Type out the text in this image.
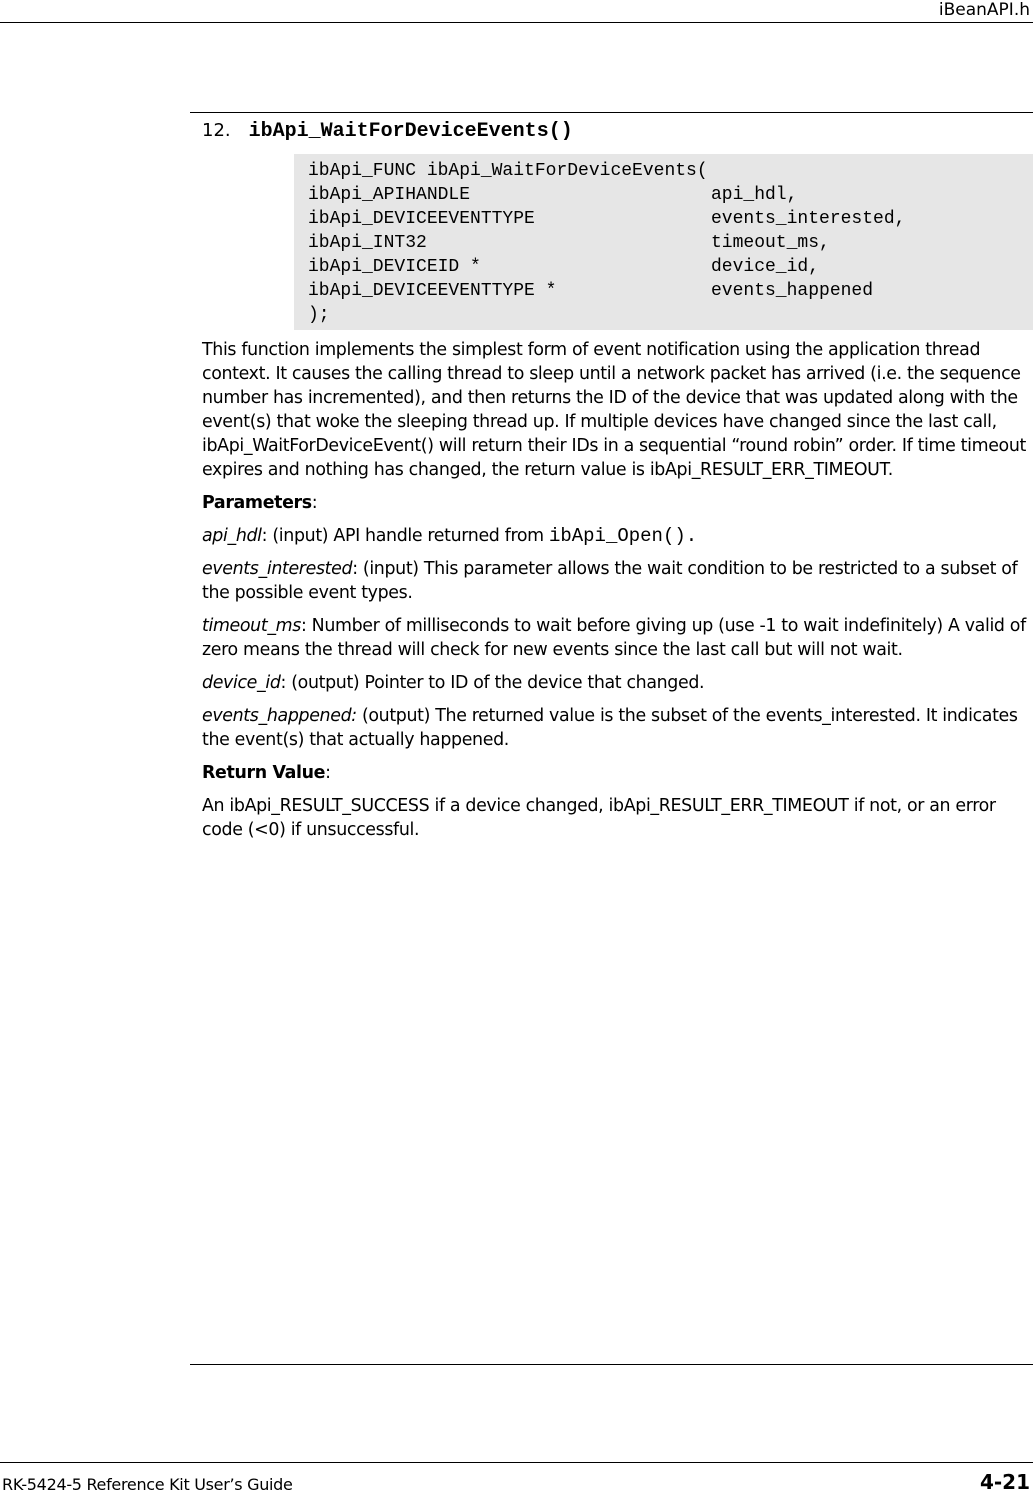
iBeanAPI.h
12. ibApi_WaitForDeviceEvents()
ibApi_FUNC ibApi_WaitForDeviceEvents(
ibApi_APIHANDLE	api_hdl,
ibApi_DEVICEEVENTTYPE	events_interested,
ibApi_INT32	timeout_ms,
ibApi_DEVICEID *	device_id,
ibApi_DEVICEEVENTTYPE *	events_happened
);

This function implements the simplest form of event notification using the application thread context. It causes the calling thread to sleep until a network packet has arrived (i.e. the sequence number has incremented), and then returns the ID of the device that was updated along with the event(s) that woke the sleeping thread up. If multiple devices have changed since the last call, ibApi_WaitForDeviceEvent() will return their IDs in a sequential “round robin” order. If time timeout expires and nothing has changed, the return value is ibApi_RESULT_ERR_TIMEOUT.

Parameters:

api_hdl: (input) API handle returned from ibApi_Open().

events_interested: (input) This parameter allows the wait condition to be restricted to a subset of the possible event types.

timeout_ms: Number of milliseconds to wait before giving up (use -1 to wait indefinitely) A valid of zero means the thread will check for new events since the last call but will not wait.

device_id: (output) Pointer to ID of the device that changed.

events_happened: (output) The returned value is the subset of the events_interested. It indicates the event(s) that actually happened.

Return Value:

An ibApi_RESULT_SUCCESS if a device changed, ibApi_RESULT_ERR_TIMEOUT if not, or an error code (<0) if unsuccessful.

RK-5424-5 Reference Kit User’s Guide	4-21
